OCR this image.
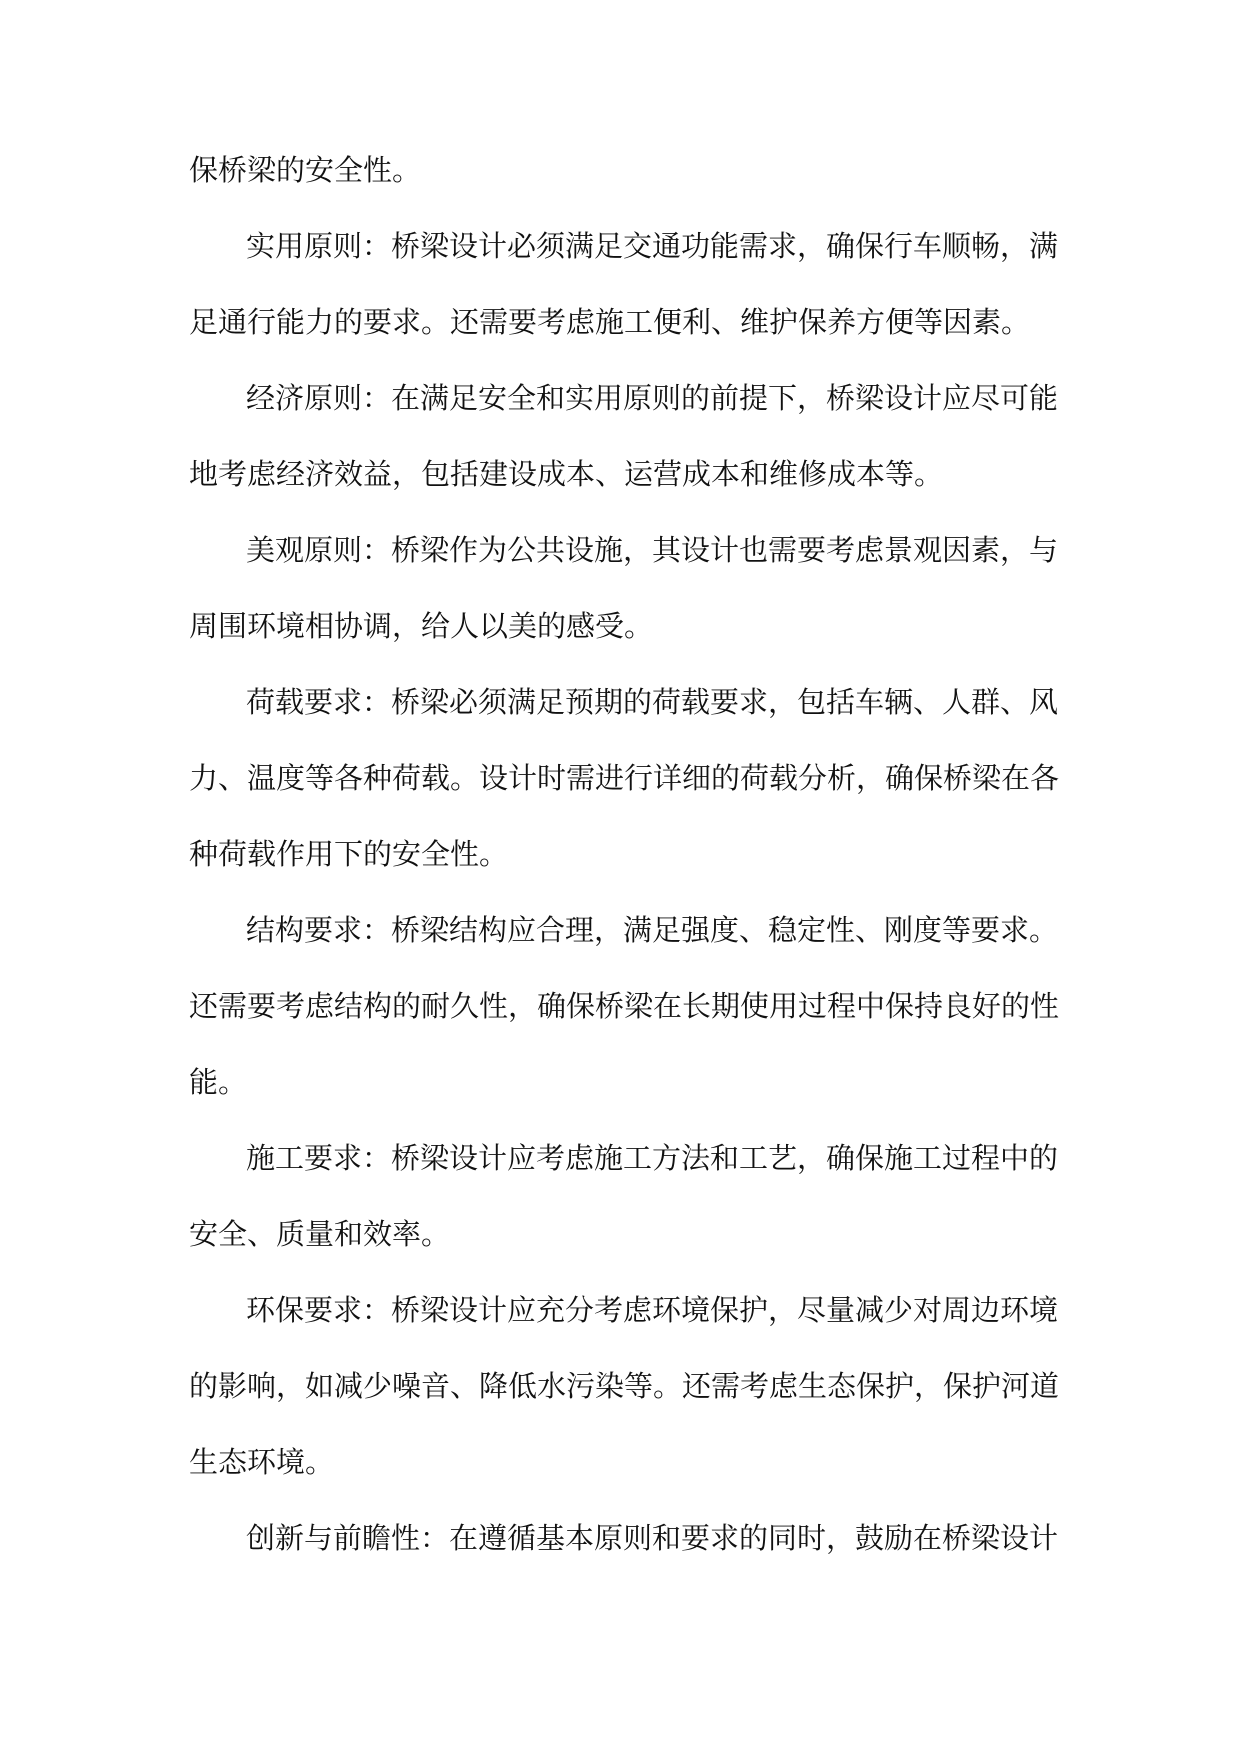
保桥梁的安全性。
实用原则：桥梁设计必须满足交通功能需求，确保行车顺畅，满
足通行能力的要求。还需要考虑施工便利、维护保养方便等因素。
经济原则：在满足安全和实用原则的前提下，桥梁设计应尽可能
地考虑经济效益，包括建设成本、运营成本和维修成本等。
美观原则：桥梁作为公共设施，其设计也需要考虑景观因素，与
周围环境相协调，给人以美的感受。
荷载要求：桥梁必须满足预期的荷载要求，包括车辆、人群、风
力、温度等各种荷载。设计时需进行详细的荷载分析，确保桥梁在各
种荷载作用下的安全性。
结构要求：桥梁结构应合理，满足强度、稳定性、刚度等要求。
还需要考虑结构的耐久性，确保桥梁在长期使用过程中保持良好的性
能。
施工要求：桥梁设计应考虑施工方法和工艺，确保施工过程中的
安全、质量和效率。
环保要求：桥梁设计应充分考虑环境保护，尽量减少对周边环境
的影响，如减少噪音、降低水污染等。还需考虑生态保护，保护河道
生态环境。
创新与前瞻性：在遵循基本原则和要求的同时，鼓励在桥梁设计
